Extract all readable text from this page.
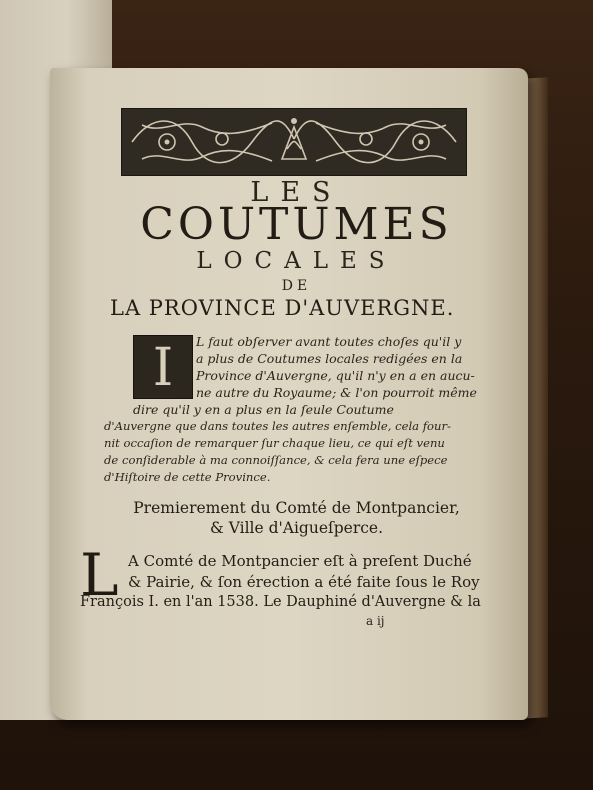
LES
COUTUMES
LOCALES
DE
LA PROVINCE D'AUVERGNE.
I	L faut obſerver avant toutes choſes qu'il y
a plus de Coutumes locales redigées en la
Province d'Auvergne, qu'il n'y en a en aucu-
ne autre du Royaume; & l'on pourroit même
dire qu'il y en a plus en la ſeule Coutume
d'Auvergne que dans toutes les autres enſemble, cela four-
nit occaſion de remarquer ſur chaque lieu, ce qui eſt venu
de conſiderable à ma connoiſſance, & cela fera une eſpece
d'Hiſtoire de cette Province.
Premierement du Comté de Montpancier,
& Ville d'Aigueſperce.
L A Comté de Montpancier eſt à preſent Duché
& Pairie, & ſon érection a été faite ſous le Roy
François I. en l'an 1538. Le Dauphiné d'Auvergne & la
a ij
